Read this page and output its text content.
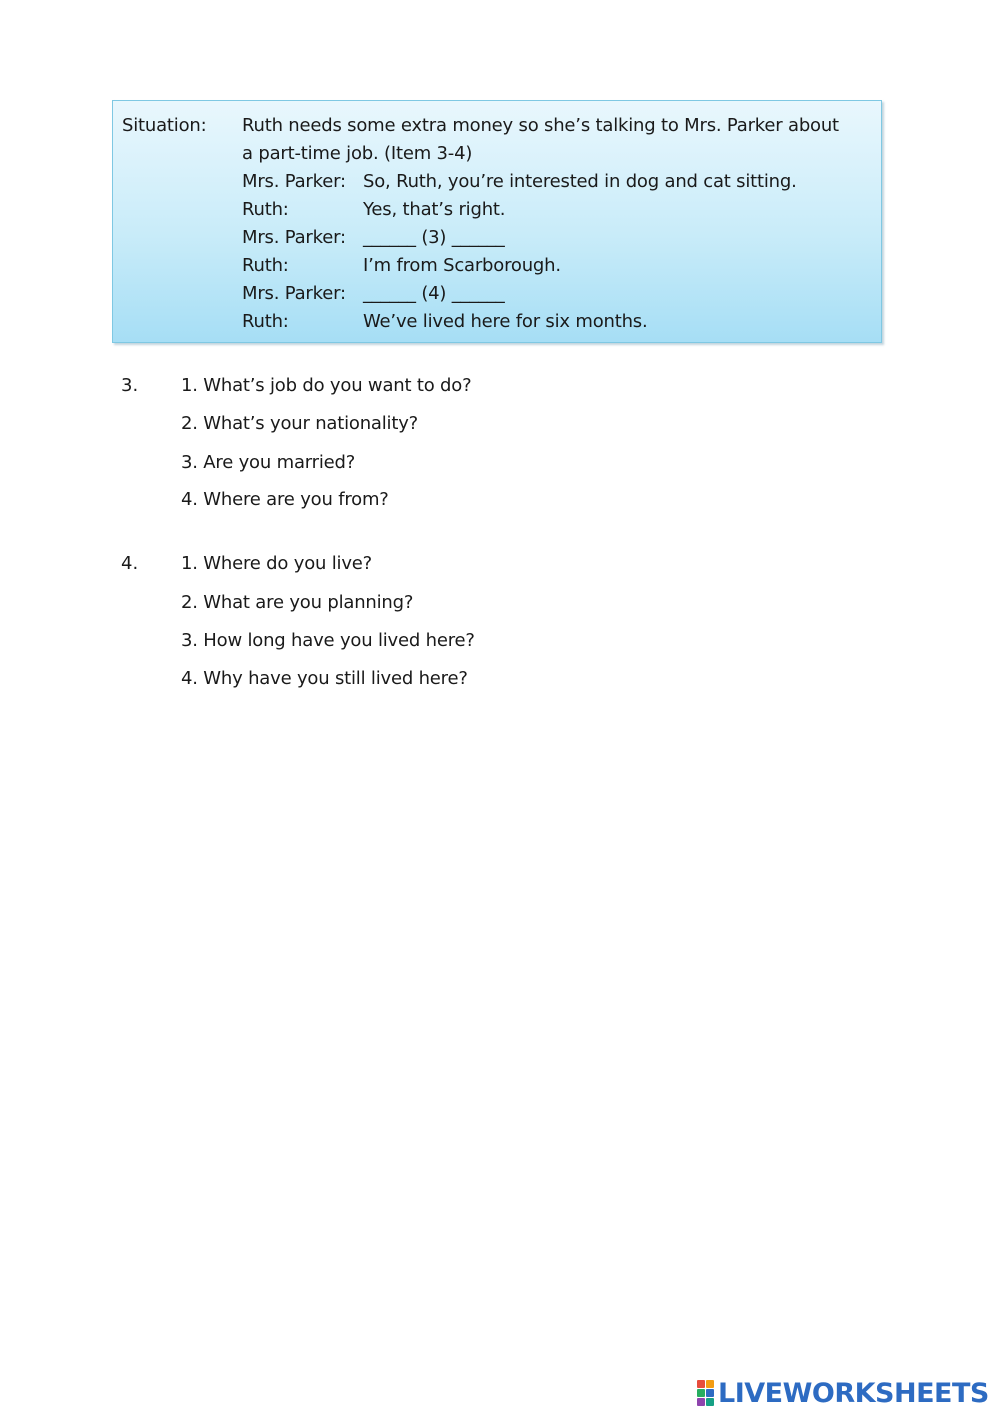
Situation: Ruth needs some extra money so she’s talking to Mrs. Parker about
a part-time job. (Item 3-4)
Mrs. Parker: So, Ruth, you’re interested in dog and cat sitting.
Ruth:	Yes, that’s right.
Mrs. Parker: ______ (3) ______
Ruth:	I’m from Scarborough.
Mrs. Parker: ______ (4) ______
Ruth:	We’ve lived here for six months.
3. 1. What’s job do you want to do?
2. What’s your nationality?
3. Are you married?
4. Where are you from?
4. 1. Where do you live?
2. What are you planning?
3. How long have you lived here?
4. Why have you still lived here?
LIVEWORKSHEETS
